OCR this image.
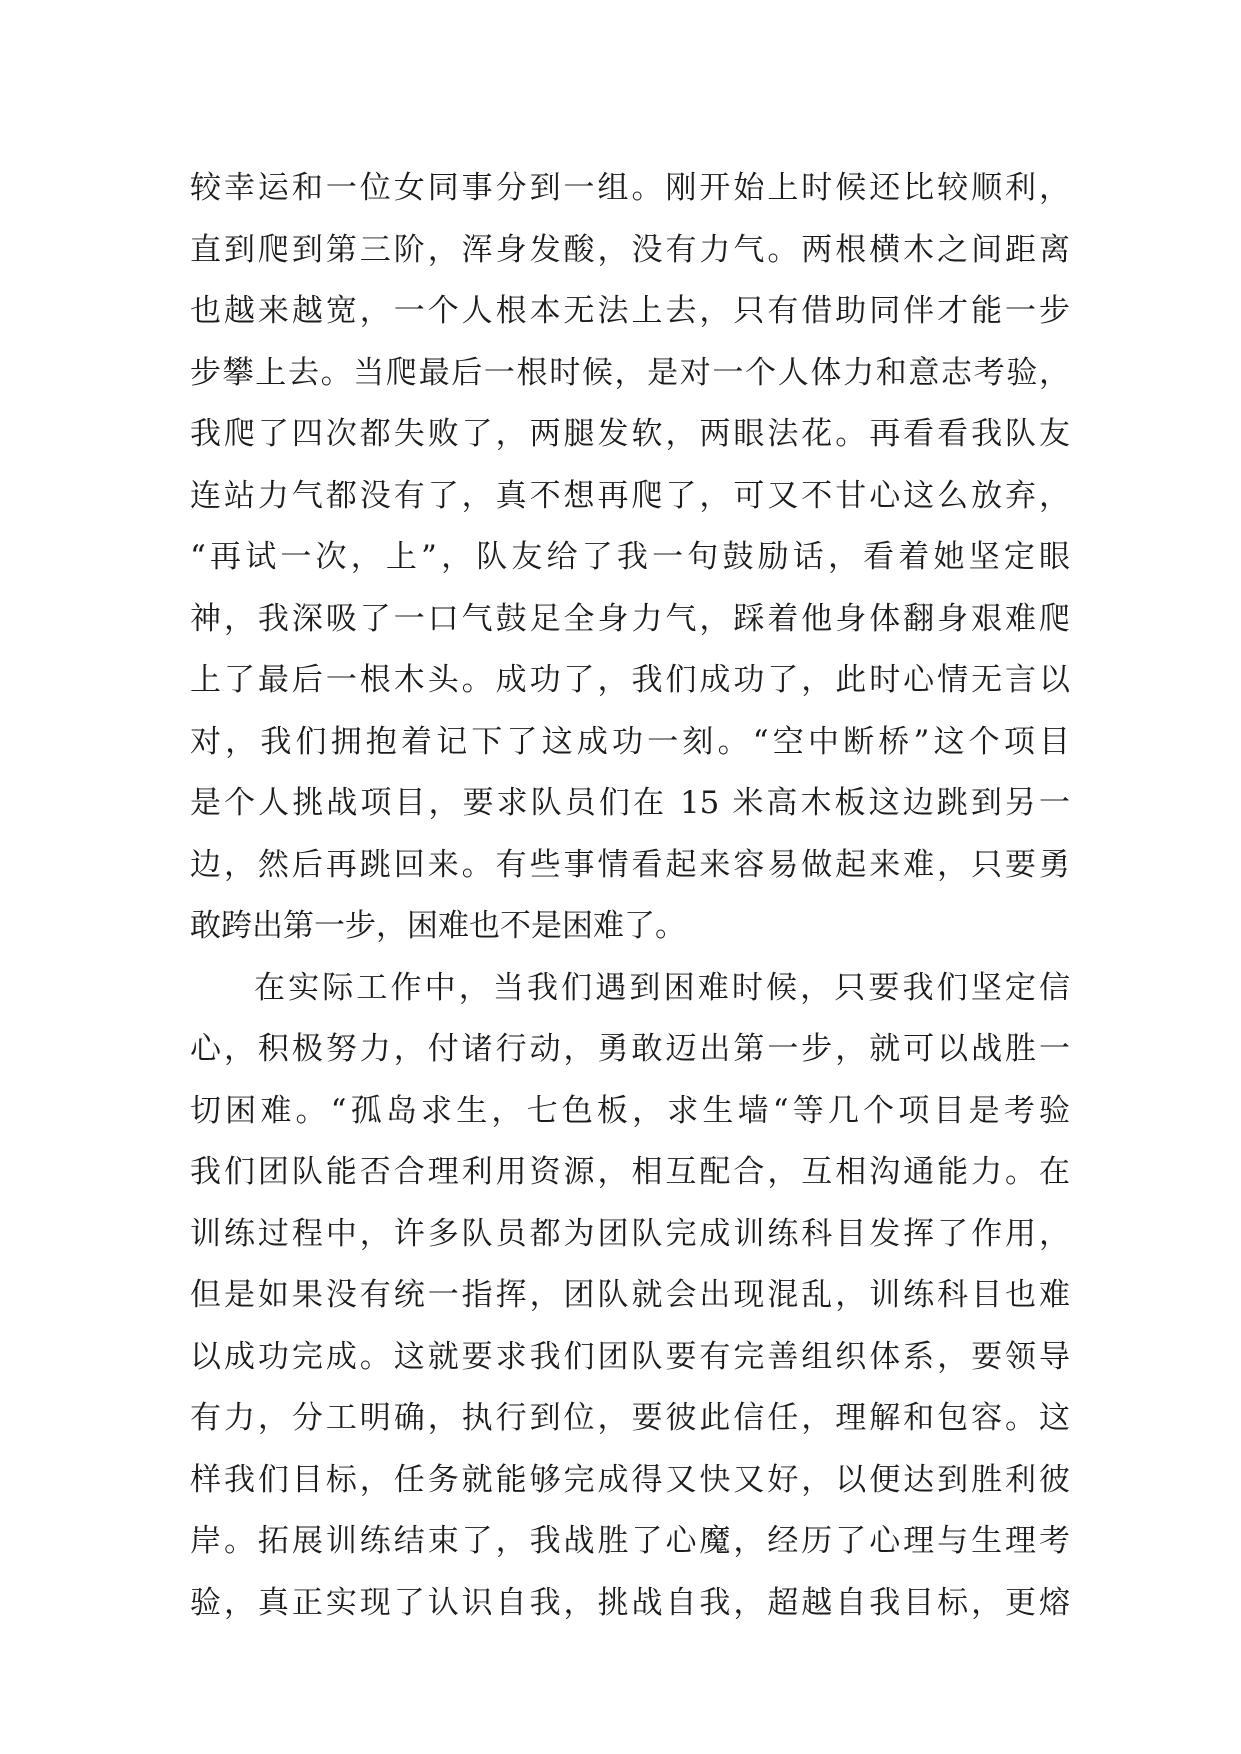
较幸运和一位女同事分到一组。刚开始上时候还比较顺利，
直到爬到第三阶，浑身发酸，没有力气。两根横木之间距离
也越来越宽，一个人根本无法上去，只有借助同伴才能一步
步攀上去。当爬最后一根时候，是对一个人体力和意志考验，
我爬了四次都失败了，两腿发软，两眼法花。再看看我队友
连站力气都没有了，真不想再爬了，可又不甘心这么放弃，
“再试一次，上”，队友给了我一句鼓励话，看着她坚定眼
神，我深吸了一口气鼓足全身力气，踩着他身体翻身艰难爬
上了最后一根木头。成功了，我们成功了，此时心情无言以
对，我们拥抱着记下了这成功一刻。“空中断桥”这个项目
是个人挑战项目，要求队员们在 15 米高木板这边跳到另一
边，然后再跳回来。有些事情看起来容易做起来难，只要勇
敢跨出第一步，困难也不是困难了。
在实际工作中，当我们遇到困难时候，只要我们坚定信
心，积极努力，付诸行动，勇敢迈出第一步，就可以战胜一
切困难。“孤岛求生，七色板，求生墙“等几个项目是考验
我们团队能否合理利用资源，相互配合，互相沟通能力。在
训练过程中，许多队员都为团队完成训练科目发挥了作用，
但是如果没有统一指挥，团队就会出现混乱，训练科目也难
以成功完成。这就要求我们团队要有完善组织体系，要领导
有力，分工明确，执行到位，要彼此信任，理解和包容。这
样我们目标，任务就能够完成得又快又好，以便达到胜利彼
岸。拓展训练结束了，我战胜了心魔，经历了心理与生理考
验，真正实现了认识自我，挑战自我，超越自我目标，更熔
